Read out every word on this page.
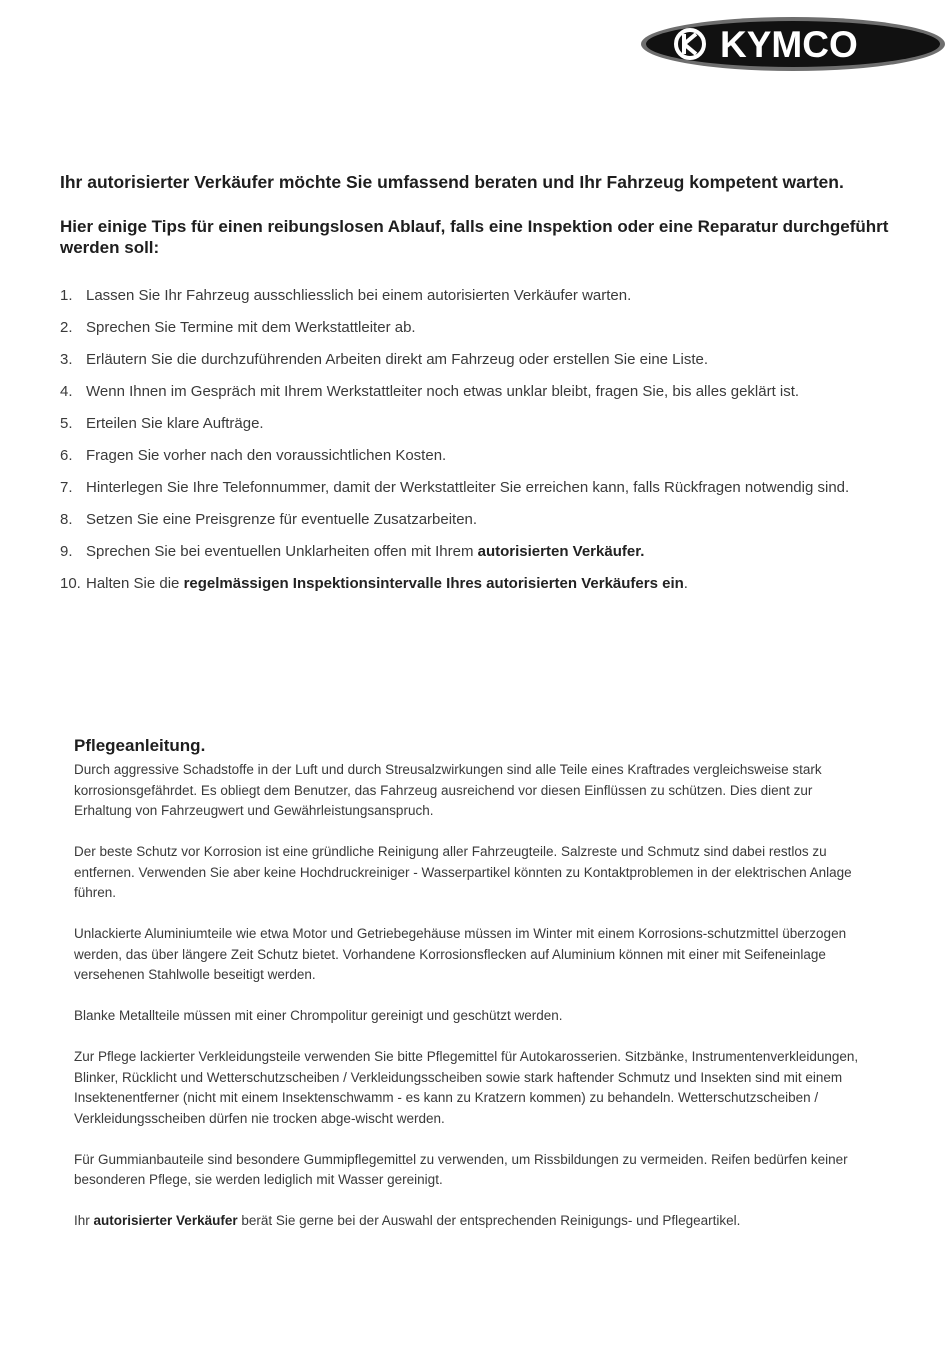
KYMCO
Ihr autorisierter Verkäufer möchte Sie umfassend beraten und Ihr Fahrzeug kompetent warten.
Hier einige Tips für einen reibungslosen Ablauf, falls eine Inspektion oder eine Reparatur durchgeführt werden soll:
1. Lassen Sie Ihr Fahrzeug ausschliesslich bei einem autorisierten Verkäufer warten.
2. Sprechen Sie Termine mit dem Werkstattleiter ab.
3. Erläutern Sie die durchzuführenden Arbeiten direkt am Fahrzeug oder erstellen Sie eine Liste.
4. Wenn Ihnen im Gespräch mit Ihrem Werkstattleiter noch etwas unklar bleibt, fragen Sie, bis alles geklärt ist.
5. Erteilen Sie klare Aufträge.
6. Fragen Sie vorher nach den voraussichtlichen Kosten.
7. Hinterlegen Sie Ihre Telefonnummer, damit der Werkstattleiter Sie erreichen kann, falls Rückfragen notwendig sind.
8. Setzen Sie eine Preisgrenze für eventuelle Zusatzarbeiten.
9. Sprechen Sie bei eventuellen Unklarheiten offen mit Ihrem autorisierten Verkäufer.
10. Halten Sie die regelmässigen Inspektionsintervalle Ihres autorisierten Verkäufers ein.
Pflegeanleitung.

Durch aggressive Schadstoffe in der Luft und durch Streusalzwirkungen sind alle Teile eines Kraftrades vergleichsweise stark korrosionsgefährdet. Es obliegt dem Benutzer, das Fahrzeug ausreichend vor diesen Einflüssen zu schützen. Dies dient zur Erhaltung von Fahrzeugwert und Gewährleistungsanspruch.

Der beste Schutz vor Korrosion ist eine gründliche Reinigung aller Fahrzeugteile. Salzreste und Schmutz sind dabei restlos zu entfernen. Verwenden Sie aber keine Hochdruckreiniger - Wasserpartikel könnten zu Kontaktproblemen in der elektrischen Anlage führen.

Unlackierte Aluminiumteile wie etwa Motor und Getriebegehäuse müssen im Winter mit einem Korrosions-schutzmittel überzogen werden, das über längere Zeit Schutz bietet. Vorhandene Korrosionsflecken auf Aluminium können mit einer mit Seifeneinlage versehenen Stahlwolle beseitigt werden.

Blanke Metallteile müssen mit einer Chrompolitur gereinigt und geschützt werden.

Zur Pflege lackierter Verkleidungsteile verwenden Sie bitte Pflegemittel für Autokarosserien. Sitzbänke, Instrumentenverkleidungen, Blinker, Rücklicht und Wetterschutzscheiben / Verkleidungsscheiben sowie stark haftender Schmutz und Insekten sind mit einem Insektenentferner (nicht mit einem Insektenschwamm - es kann zu Kratzern kommen) zu behandeln. Wetterschutzscheiben / Verkleidungsscheiben dürfen nie trocken abge-wischt werden.

Für Gummianbauteile sind besondere Gummipflegemittel zu verwenden, um Rissbildungen zu vermeiden. Reifen bedürfen keiner besonderen Pflege, sie werden lediglich mit Wasser gereinigt.

Ihr autorisierter Verkäufer berät Sie gerne bei der Auswahl der entsprechenden Reinigungs- und Pflegeartikel.
